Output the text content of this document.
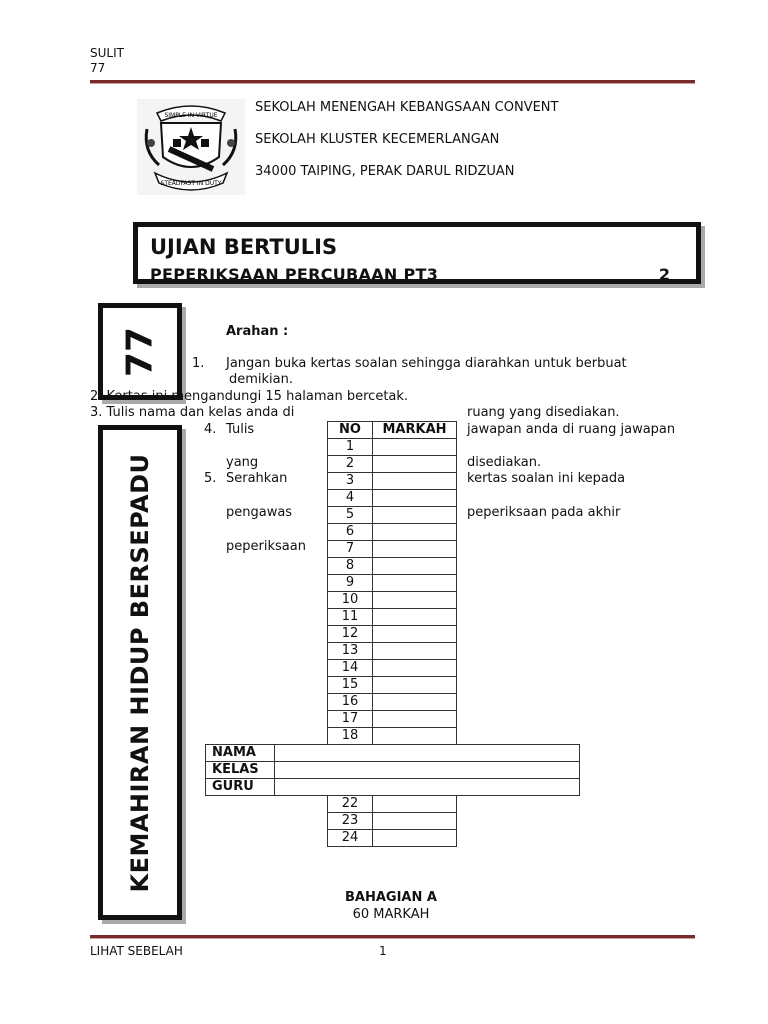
SULIT
77
SIMPLE IN VIRTUE
STEADFAST IN DUTY
SEKOLAH MENENGAH KEBANGSAAN CONVENT
SEKOLAH KLUSTER KECEMERLANGAN
34000 TAIPING, PERAK DARUL RIDZUAN
UJIAN BERTULIS
PEPERIKSAAN PERCUBAAN PT3	2
77
KEMAHIRAN HIDUP BERSEPADU
Arahan :
1. Jangan buka kertas soalan sehingga diarahkan untuk berbuat
demikian.
2. Kertas ini mengandungi 15 halaman bercetak.
3. Tulis nama dan kelas anda di	ruang yang disediakan.
4. Tulis	jawapan anda di ruang jawapan
yang	disediakan.
5. Serahkan	kertas soalan ini kepada
pengawas	peperiksaan pada akhir
peperiksaan
NO	MARKAH
1	
2	
3	
4	
5	
6	
7	
8	
9	
10	
11	
12	
13	
14	
15	
16	
17	
18	

22	
23	
24	
NAMA	
KELAS	
GURU	
BAHAGIAN A
60 MARKAH
LIHAT SEBELAH	1
